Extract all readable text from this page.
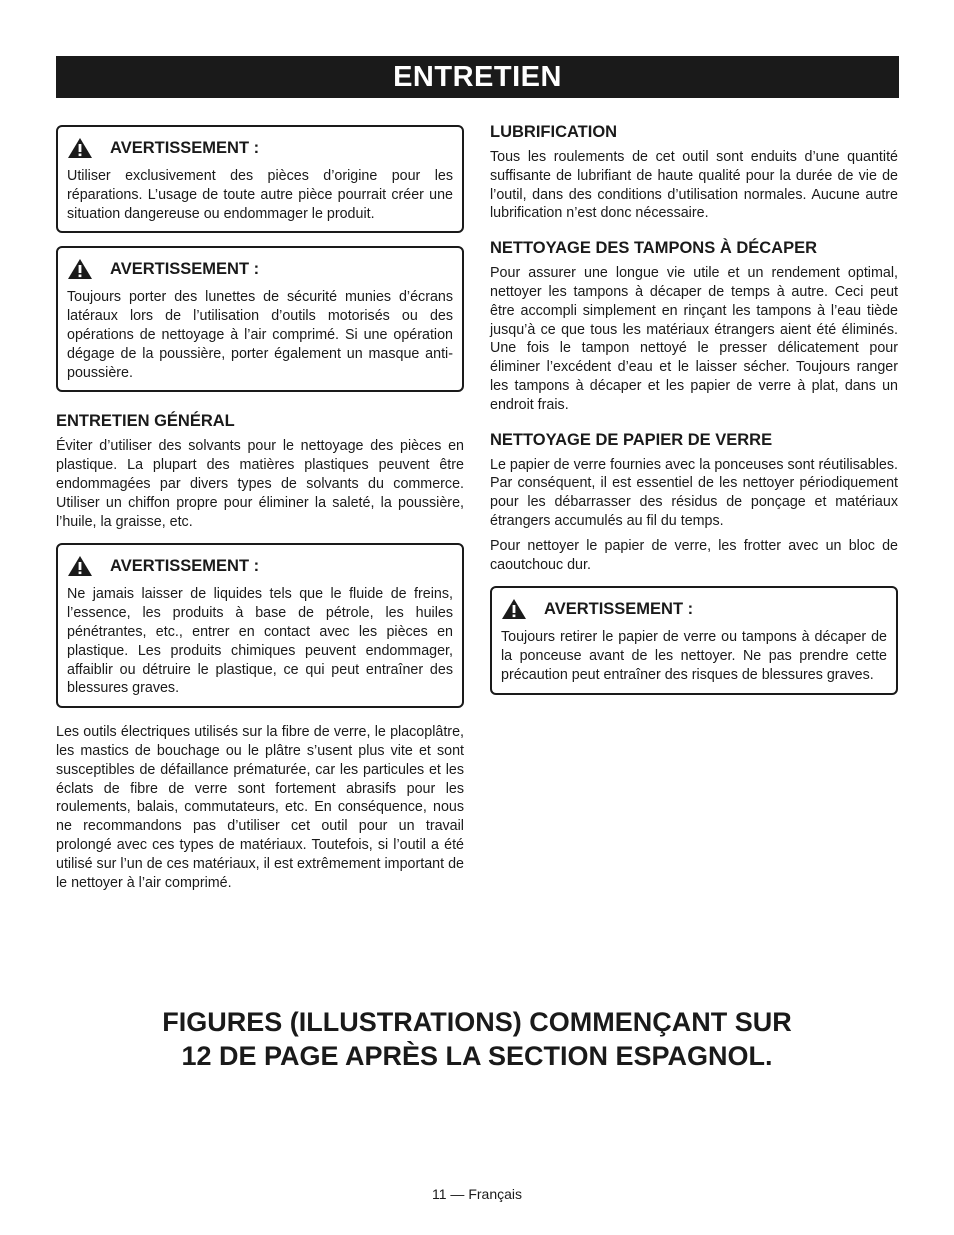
ENTRETIEN
AVERTISSEMENT :

Utiliser exclusivement des pièces d’origine pour les réparations. L’usage de toute autre pièce pourrait créer une situation dangereuse ou endommager le produit.

AVERTISSEMENT :

Toujours porter des lunettes de sécurité munies d’écrans latéraux lors de l’utilisation d’outils motorisés ou des opérations de nettoyage à l’air comprimé. Si une opération dégage de la poussière, porter également un masque anti-poussière.

ENTRETIEN GÉNÉRAL

Éviter d’utiliser des solvants pour le nettoyage des pièces en plastique. La plupart des matières plastiques peuvent être endommagées par divers types de solvants du commerce. Utiliser un chiffon propre pour éliminer la saleté, la poussière, l’huile, la graisse, etc.

AVERTISSEMENT :

Ne jamais laisser de liquides tels que le fluide de freins, l’essence, les produits à base de pétrole, les huiles pénétrantes, etc., entrer en contact avec les pièces en plastique. Les produits chimiques peuvent endommager, affaiblir ou détruire le plastique, ce qui peut entraîner des blessures graves.

Les outils électriques utilisés sur la fibre de verre, le placoplâtre, les mastics de bouchage ou le plâtre s’usent plus vite et sont susceptibles de défaillance prématurée, car les particules et les éclats de fibre de verre sont fortement abrasifs pour les roulements, balais, commutateurs, etc. En conséquence, nous ne recommandons pas d’utiliser cet outil pour un travail prolongé avec ces types de matériaux. Toutefois, si l’outil a été utilisé sur l’un de ces matériaux, il est extrêmement important de le nettoyer à l’air comprimé.

LUBRIFICATION

Tous les roulements de cet outil sont enduits d’une quantité suffisante de lubrifiant de haute qualité pour la durée de vie de l’outil, dans des conditions d’utilisation normales. Aucune autre lubrification n’est donc nécessaire.

NETTOYAGE DES TAMPONS À DÉCAPER

Pour assurer une longue vie utile et un rendement optimal, nettoyer les tampons à décaper de temps à autre. Ceci peut être accompli simplement en rinçant les tampons à l’eau tiède jusqu’à ce que tous les matériaux étrangers aient été éliminés. Une fois le tampon nettoyé le presser délicatement pour éliminer l’excédent d’eau et le laisser sécher. Toujours ranger les tampons à décaper et les papier de verre à plat, dans un endroit frais.

NETTOYAGE DE PAPIER DE VERRE

Le papier de verre fournies avec la ponceuses sont réutilisables. Par conséquent, il est essentiel de les nettoyer périodiquement pour les débarrasser des résidus de ponçage et matériaux étrangers accumulés au fil du temps.

Pour nettoyer le papier de verre, les frotter avec un bloc de caoutchouc dur.

AVERTISSEMENT :

Toujours retirer le papier de verre ou tampons à décaper de la ponceuse avant de les nettoyer. Ne pas prendre cette précaution peut entraîner des risques de blessures graves.

FIGURES (ILLUSTRATIONS) COMMENÇANT SUR
12 DE PAGE APRÈS LA SECTION ESPAGNOL.
11 — Français
